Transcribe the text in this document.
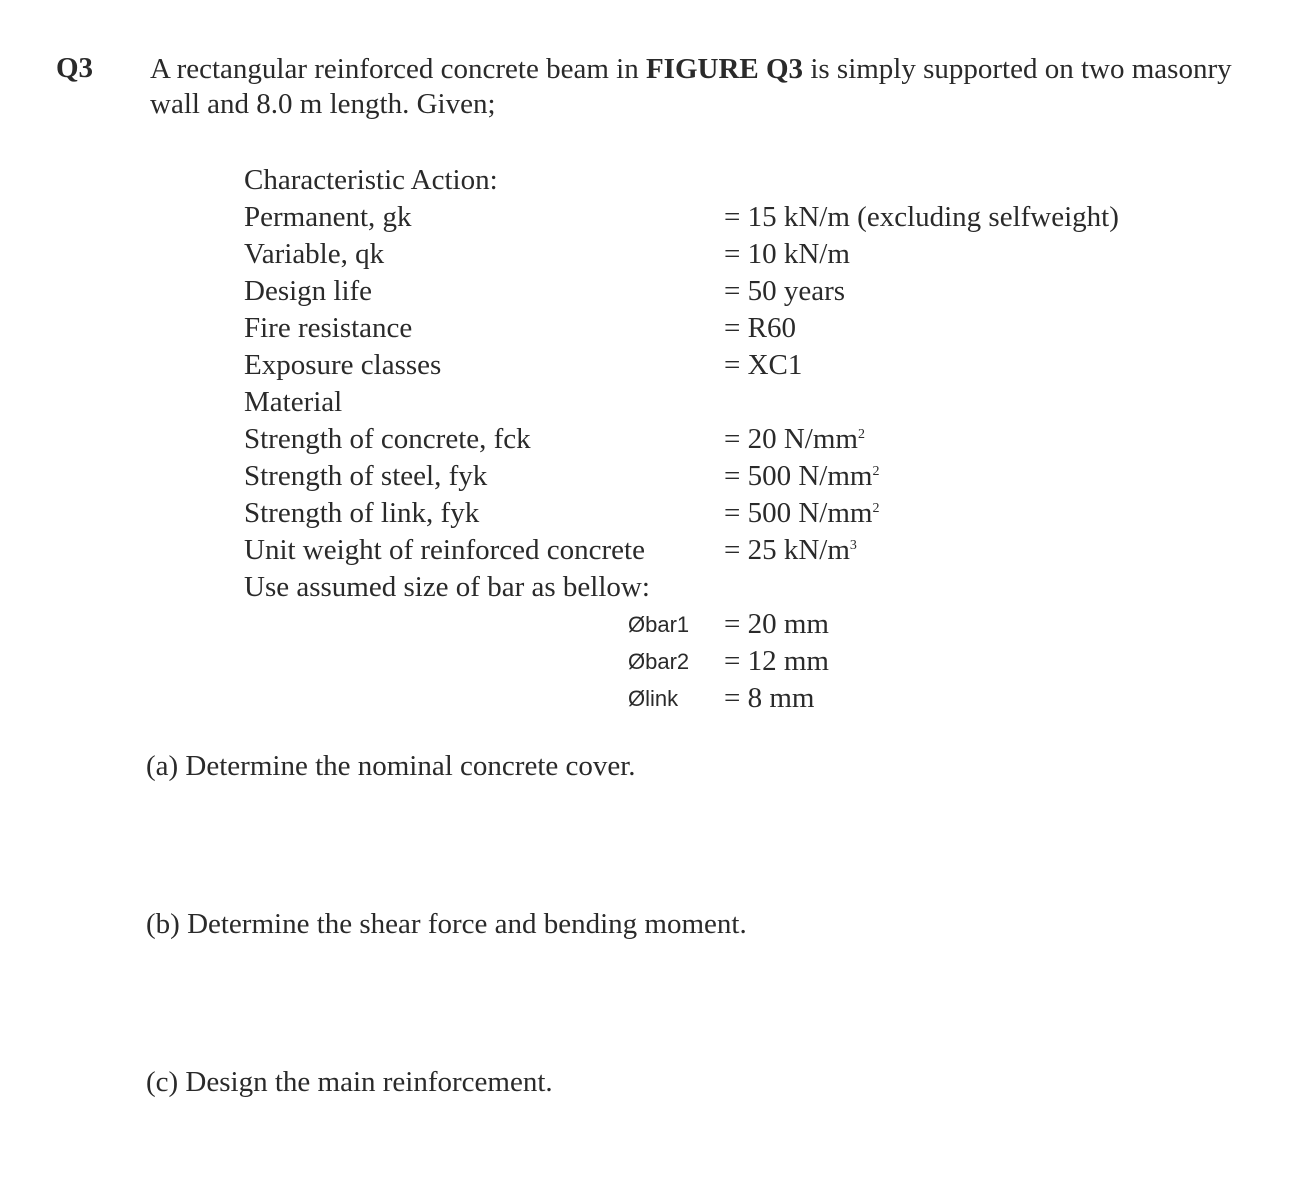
Q3 A rectangular reinforced concrete beam in FIGURE Q3 is simply supported on two masonry wall and 8.0 m length. Given;
Characteristic Action:
Permanent, gk	= 15 kN/m (excluding selfweight)
Variable, qk	= 10 kN/m
Design life	= 50 years
Fire resistance	= R60
Exposure classes	= XC1
Material
Strength of concrete, fck	= 20 $N/mm^2$
Strength of steel, fyk	= 500 $N/mm^2$
Strength of link, fyk	= 500 $N/mm^2$
Unit weight of reinforced concrete	= 25 $kN/m^3$
Use assumed size of bar as bellow:
Øbar1 = 20 mm
Øbar2 = 12 mm
Ølink = 8 mm
(a) Determine the nominal concrete cover.
(b) Determine the shear force and bending moment.
(c) Design the main reinforcement.
